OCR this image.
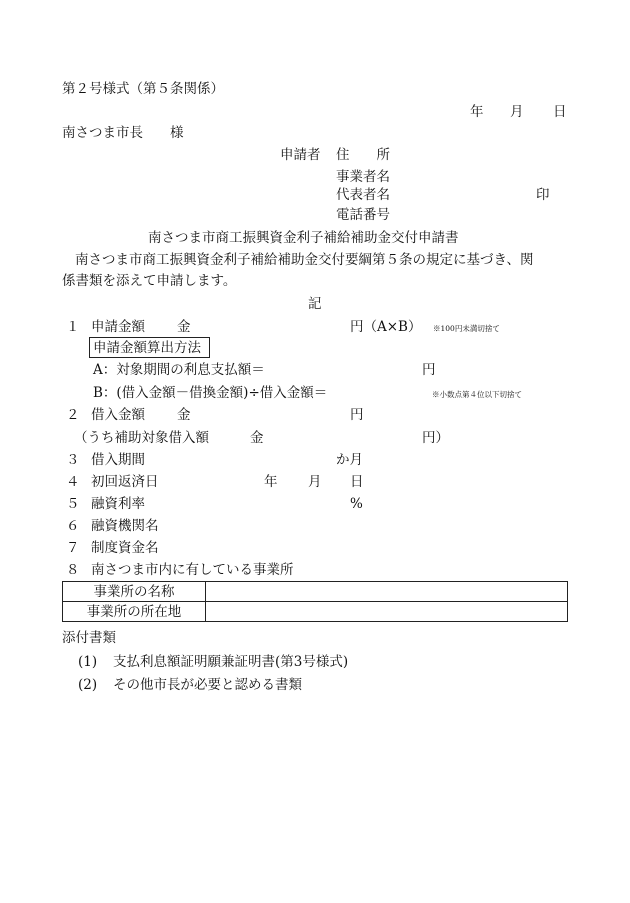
第２号様式（第５条関係）
年 月 日
南さつま市長　　様
申請者 住　　所
事業者名
代表者名	印
電話番号
南さつま市商工振興資金利子補給補助金交付申請書
南さつま市商工振興資金利子補給補助金交付要綱第５条の規定に基づき、関
係書類を添えて申請します。
記
１ 申請金額 金	円（A×B） ※100円未満切捨て
申請金額算出方法
A：対象期間の利息支払額＝	円
B：(借入金額－借換金額)÷借入金額＝	※小数点第４位以下切捨て
２ 借入金額 金	円
（うち補助対象借入額	金	円）
３ 借入期間	か月
４ 初回返済日	年 月 日
５ 融資利率	%
６ 融資機関名
７ 制度資金名
８ 南さつま市内に有している事業所
事業所の名称	
事業所の所在地	
添付書類
(1) 支払利息額証明願兼証明書(第3号様式)
(2) その他市長が必要と認める書類
